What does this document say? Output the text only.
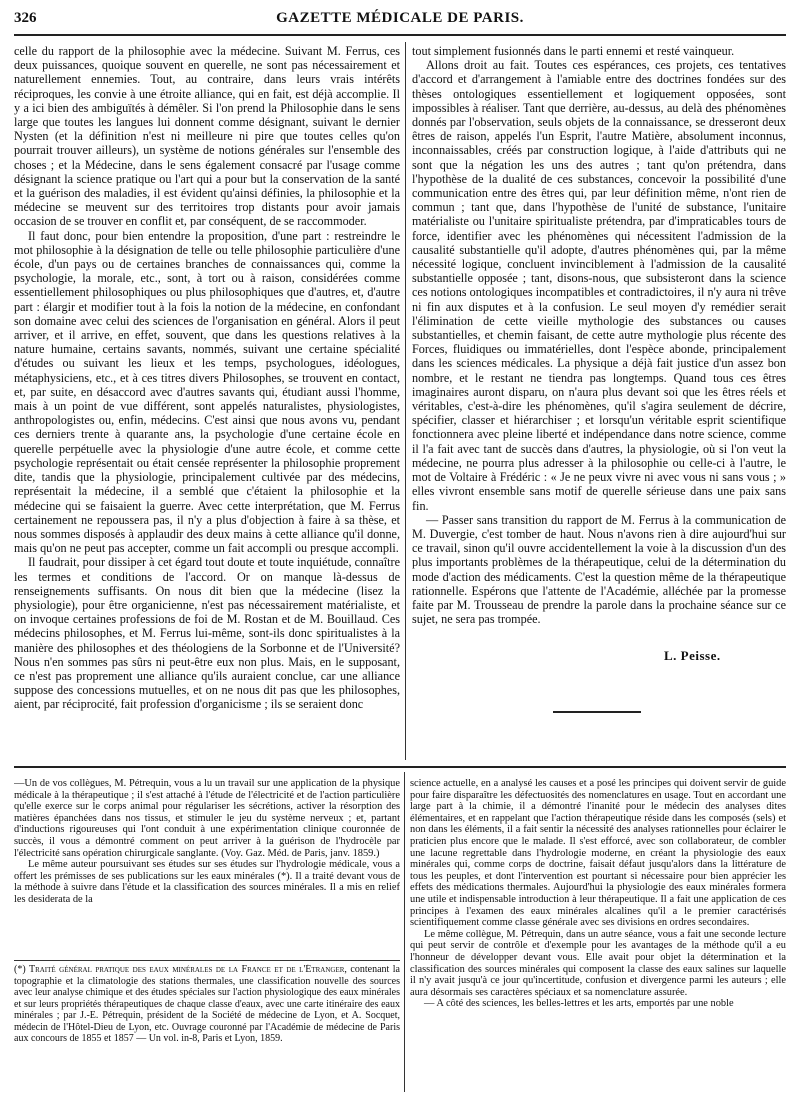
326	GAZETTE MÉDICALE DE PARIS.

celle du rapport de la philosophie avec la médecine. Suivant M. Ferrus, ces deux puissances, quoique souvent en querelle, ne sont pas nécessairement et naturellement ennemies. Tout, au contraire, dans leurs vrais intérêts réciproques, les convie à une étroite alliance, qui en fait, est déjà accomplie. Il y a ici bien des ambiguïtés à démêler. Si l'on prend la Philosophie dans le sens large que toutes les langues lui donnent comme désignant, suivant le dernier Nysten (et la définition n'est ni meilleure ni pire que toutes celles qu'on pourrait trouver ailleurs), un système de notions générales sur l'ensemble des choses ; et la Médecine, dans le sens également consacré par l'usage comme désignant la science pratique ou l'art qui a pour but la conservation de la santé et la guérison des maladies, il est évident qu'ainsi définies, la philosophie et la médecine se meuvent sur des territoires trop distants pour avoir jamais occasion de se trouver en conflit et, par conséquent, de se raccommoder.

Il faut donc, pour bien entendre la proposition, d'une part : restreindre le mot philosophie à la désignation de telle ou telle philosophie particulière d'une école, d'un pays ou de certaines branches de connaissances qui, comme la psychologie, la morale, etc., sont, à tort ou à raison, considérées comme essentiellement philosophiques ou plus philosophiques que d'autres, et, d'autre part : élargir et modifier tout à la fois la notion de la médecine, en confondant son domaine avec celui des sciences de l'organisation en général. Alors il peut arriver, et il arrive, en effet, souvent, que dans les questions relatives à la nature humaine, certains savants, nommés, suivant une certaine spécialité d'études ou suivant les lieux et les temps, psychologues, idéologues, métaphysiciens, etc., et à ces titres divers Philosophes, se trouvent en contact, et, par suite, en désaccord avec d'autres savants qui, étudiant aussi l'homme, mais à un point de vue différent, sont appelés naturalistes, physiologistes, anthropologistes ou, enfin, médecins. C'est ainsi que nous avons vu, pendant ces derniers trente à quarante ans, la psychologie d'une certaine école en querelle perpétuelle avec la physiologie d'une autre école, et comme cette psychologie représentait ou était censée représenter la philosophie proprement dite, tandis que la physiologie, principalement cultivée par des médecins, représentait la médecine, il a semblé que c'étaient la philosophie et la médecine qui se faisaient la guerre. Avec cette interprétation, que M. Ferrus certainement ne repoussera pas, il n'y a plus d'objection à faire à sa thèse, et nous sommes disposés à applaudir des deux mains à cette alliance qu'il donne, mais qu'on ne peut pas accepter, comme un fait accompli ou presque accompli.

Il faudrait, pour dissiper à cet égard tout doute et toute inquiétude, connaître les termes et conditions de l'accord. Or on manque là-dessus de renseignements suffisants. On nous dit bien que la médecine (lisez la physiologie), pour être organicienne, n'est pas nécessairement matérialiste, et on invoque certaines professions de foi de M. Rostan et de M. Bouillaud. Ces médecins philosophes, et M. Ferrus lui-même, sont-ils donc spiritualistes à la manière des philosophes et des théologiens de la Sorbonne et de l'Université? Nous n'en sommes pas sûrs ni peut-être eux non plus. Mais, en le supposant, ce n'est pas proprement une alliance qu'ils auraient conclue, car une alliance suppose des concessions mutuelles, et on ne nous dit pas que les philosophes, aient, par réciprocité, fait profession d'organicisme ; ils se seraient donc

tout simplement fusionnés dans le parti ennemi et resté vainqueur.

Allons droit au fait. Toutes ces espérances, ces projets, ces tentatives d'accord et d'arrangement à l'amiable entre des doctrines fondées sur des thèses ontologiques essentiellement et logiquement opposées, sont impossibles à réaliser. Tant que derrière, au-dessus, au delà des phénomènes donnés par l'observation, seuls objets de la connaissance, se dresseront deux êtres de raison, appelés l'un Esprit, l'autre Matière, absolument inconnus, inconnaissables, créés par construction logique, à l'aide d'attributs qui ne sont que la négation les uns des autres ; tant qu'on prétendra, dans l'hypothèse de la dualité de ces substances, concevoir la possibilité d'une communication entre des êtres qui, par leur définition même, n'ont rien de commun ; tant que, dans l'hypothèse de l'unité de substance, l'unitaire matérialiste ou l'unitaire spiritualiste prétendra, par d'impraticables tours de force, identifier avec les phénomènes qui nécessitent l'admission de la causalité substantielle qu'il adopte, d'autres phénomènes qui, par la même nécessité logique, concluent invinciblement à l'admission de la causalité substantielle opposée ; tant, disons-nous, que subsisteront dans la science ces notions ontologiques incompatibles et contradictoires, il n'y aura ni trêve ni fin aux disputes et à la confusion. Le seul moyen d'y remédier serait l'élimination de cette vieille mythologie des substances ou causes substantielles, et chemin faisant, de cette autre mythologie plus récente des Forces, fluidiques ou immatérielles, dont l'espèce abonde, principalement dans les sciences médicales. La physique a déjà fait justice d'un assez bon nombre, et le restant ne tiendra pas longtemps. Quand tous ces êtres imaginaires auront disparu, on n'aura plus devant soi que les êtres réels et véritables, c'est-à-dire les phénomènes, qu'il s'agira seulement de décrire, spécifier, classer et hiérarchiser ; et lorsqu'un véritable esprit scientifique fonctionnera avec pleine liberté et indépendance dans notre science, comme il l'a fait avec tant de succès dans d'autres, la physiologie, où si l'on veut la médecine, ne pourra plus adresser à la philosophie ou celle-ci à l'autre, le mot de Voltaire à Frédéric : « Je ne peux vivre ni avec vous ni sans vous ; » elles vivront ensemble sans motif de querelle sérieuse dans une paix sans fin.

— Passer sans transition du rapport de M. Ferrus à la communication de M. Duvergie, c'est tomber de haut. Nous n'avons rien à dire aujourd'hui sur ce travail, sinon qu'il ouvre accidentellement la voie à la discussion d'un des plus importants problèmes de la thérapeutique, celui de la détermination du mode d'action des médicaments. C'est la question même de la thérapeutique rationnelle. Espérons que l'attente de l'Académie, alléchée par la promesse faite par M. Trousseau de prendre la parole dans la prochaine séance sur ce sujet, ne sera pas trompée.

L. Peisse.

—Un de vos collègues, M. Pétrequin, vous a lu un travail sur une application de la physique médicale à la thérapeutique ; il s'est attaché à l'étude de l'électricité et de l'action particulière qu'elle exerce sur le corps animal pour régulariser les sécrétions, activer la résorption des matières épanchées dans nos tissus, et stimuler le jeu du système nerveux ; et, partant d'inductions rigoureuses qui l'ont conduit à une expérimentation clinique couronnée de succès, il vous a démontré comment on peut arriver à la guérison de l'hydrocèle par l'électricité sans opération chirurgicale sanglante. (Voy. Gaz. Méd. de Paris, janv. 1859.)

Le même auteur poursuivant ses études sur ses études sur l'hydrologie médicale, vous a offert les prémisses de ses publications sur les eaux minérales (*). Il a traité devant vous de la méthode à suivre dans l'étude et la classification des sources minérales. Il a mis en relief les desiderata de la

(*) Traité général pratique des eaux minérales de la France et de l'Étranger, contenant la topographie et la climatologie des stations thermales, une classification nouvelle des sources avec leur analyse chimique et des études spéciales sur l'action physiologique des eaux minérales et sur leurs propriétés thérapeutiques de chaque classe d'eaux, avec une carte itinéraire des eaux minérales ; par J.-E. Pétrequin, président de la Société de médecine de Lyon, et A. Socquet, médecin de l'Hôtel-Dieu de Lyon, etc. Ouvrage couronné par l'Académie de médecine de Paris aux concours de 1855 et 1857 — Un vol. in-8, Paris et Lyon, 1859.

science actuelle, en a analysé les causes et a posé les principes qui doivent servir de guide pour faire disparaître les défectuosités des nomenclatures en usage. Tout en accordant une large part à la chimie, il a démontré l'inanité pour le médecin des analyses dites élémentaires, et en rappelant que l'action thérapeutique réside dans les composés (sels) et non dans les éléments, il a fait sentir la nécessité des analyses rationnelles pour éclairer le praticien plus encore que le malade. Il s'est efforcé, avec son collaborateur, de combler une lacune regrettable dans l'hydrologie moderne, en créant la physiologie des eaux minérales qui, comme corps de doctrine, faisait défaut jusqu'alors dans la littérature de tous les peuples, et dont l'intervention est pourtant si nécessaire pour bien apprécier les effets des médications thermales. Aujourd'hui la physiologie des eaux minérales formera une utile et indispensable introduction à leur thérapeutique. Il a fait une application de ces principes à l'examen des eaux minérales alcalines qu'il a le premier caractérisés scientifiquement comme classe générale avec ses divisions en ordres secondaires.

Le même collègue, M. Pétrequin, dans un autre séance, vous a fait une seconde lecture qui peut servir de contrôle et d'exemple pour les avantages de la méthode qu'il a eu l'honneur de développer devant vous. Elle avait pour objet la détermination et la classification des sources minérales qui composent la classe des eaux salines sur laquelle il n'y avait jusqu'à ce jour qu'incertitude, confusion et divergence parmi les auteurs ; elle aura désormais ses caractères spéciaux et sa nomenclature assurée.

— A côté des sciences, les belles-lettres et les arts, emportés par une noble
